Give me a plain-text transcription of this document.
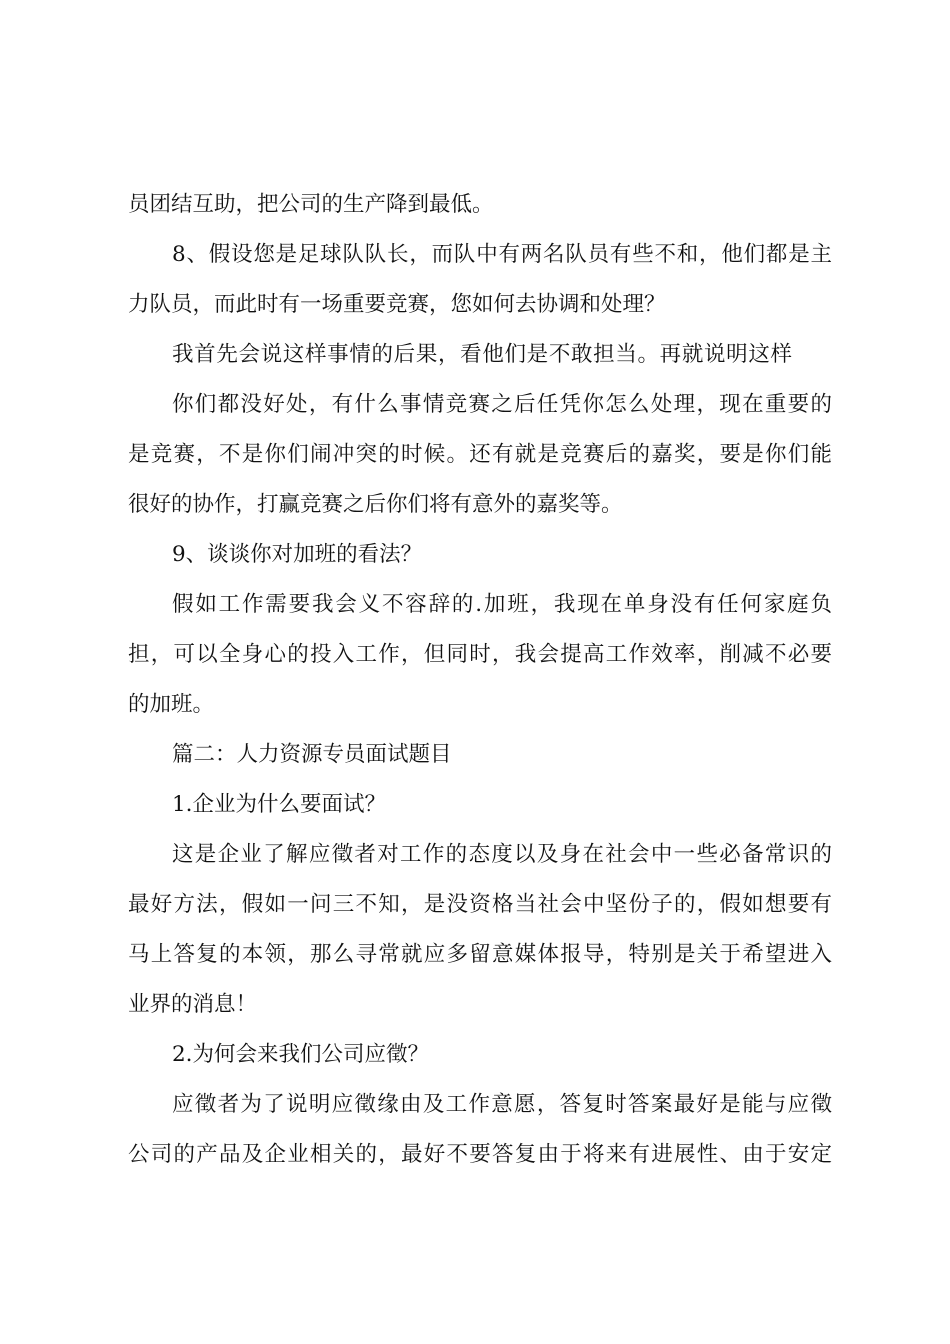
员团结互助，把公司的生产降到最低。
8、假设您是足球队队长，而队中有两名队员有些不和，他们都是主
力队员，而此时有一场重要竞赛，您如何去协调和处理？
我首先会说这样事情的后果，看他们是不敢担当。再就说明这样
你们都没好处，有什么事情竞赛之后任凭你怎么处理，现在重要的
是竞赛，不是你们闹冲突的时候。还有就是竞赛后的嘉奖，要是你们能
很好的协作，打赢竞赛之后你们将有意外的嘉奖等。
9、谈谈你对加班的看法？
假如工作需要我会义不容辞的.加班，我现在单身没有任何家庭负
担，可以全身心的投入工作，但同时，我会提高工作效率，削减不必要
的加班。
篇二：人力资源专员面试题目
1.企业为什么要面试？
这是企业了解应徵者对工作的态度以及身在社会中一些必备常识的
最好方法，假如一问三不知，是没资格当社会中坚份子的，假如想要有
马上答复的本领，那么寻常就应多留意媒体报导，特别是关于希望进入
业界的消息！
2.为何会来我们公司应徵？
应徵者为了说明应徵缘由及工作意愿，答复时答案最好是能与应徵
公司的产品及企业相关的，最好不要答复由于将来有进展性、由于安定
